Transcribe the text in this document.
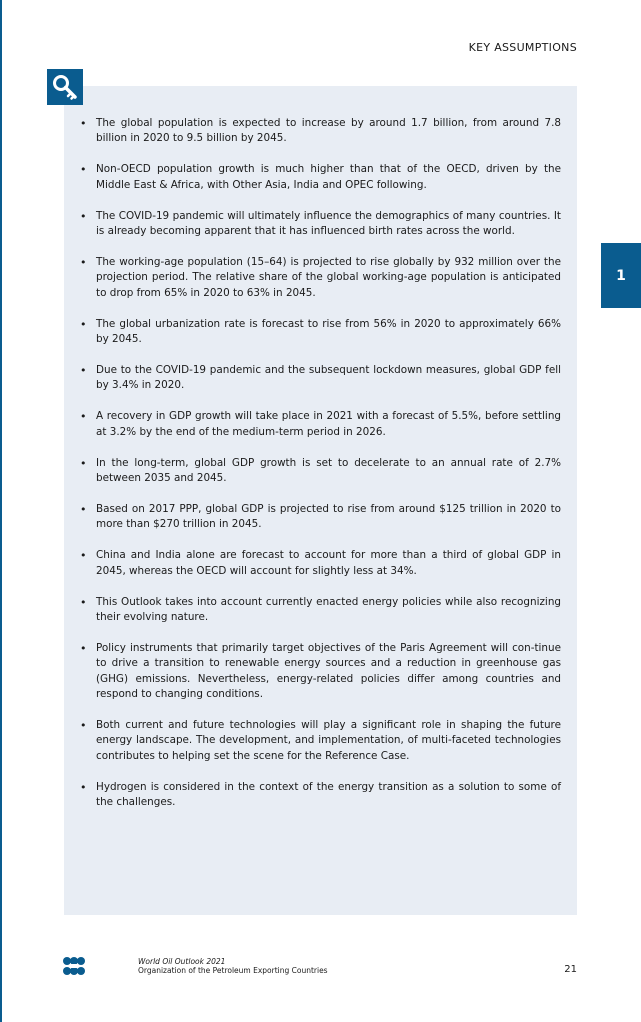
KEY ASSUMPTIONS
• The global population is expected to increase by around 1.7 billion, from around 7.8 billion in 2020 to 9.5 billion by 2045.
• Non-OECD population growth is much higher than that of the OECD, driven by the Middle East & Africa, with Other Asia, India and OPEC following.
• The COVID-19 pandemic will ultimately influence the demographics of many countries. It is already becoming apparent that it has influenced birth rates across the world.
• The working-age population (15–64) is projected to rise globally by 932 million over the projection period. The relative share of the global working-age population is anticipated to drop from 65% in 2020 to 63% in 2045.
• The global urbanization rate is forecast to rise from 56% in 2020 to approximately 66% by 2045.
• Due to the COVID-19 pandemic and the subsequent lockdown measures, global GDP fell by 3.4% in 2020.
• A recovery in GDP growth will take place in 2021 with a forecast of 5.5%, before settling at 3.2% by the end of the medium-term period in 2026.
• In the long-term, global GDP growth is set to decelerate to an annual rate of 2.7% between 2035 and 2045.
• Based on 2017 PPP, global GDP is projected to rise from around $125 trillion in 2020 to more than $270 trillion in 2045.
• China and India alone are forecast to account for more than a third of global GDP in 2045, whereas the OECD will account for slightly less at 34%.
• This Outlook takes into account currently enacted energy policies while also recognizing their evolving nature.
• Policy instruments that primarily target objectives of the Paris Agreement will con-tinue to drive a transition to renewable energy sources and a reduction in greenhouse gas (GHG) emissions. Nevertheless, energy-related policies differ among countries and respond to changing conditions.
• Both current and future technologies will play a significant role in shaping the future energy landscape. The development, and implementation, of multi-faceted technologies contributes to helping set the scene for the Reference Case.
• Hydrogen is considered in the context of the energy transition as a solution to some of the challenges.
1
World Oil Outlook 2021
Organization of the Petroleum Exporting Countries	21
